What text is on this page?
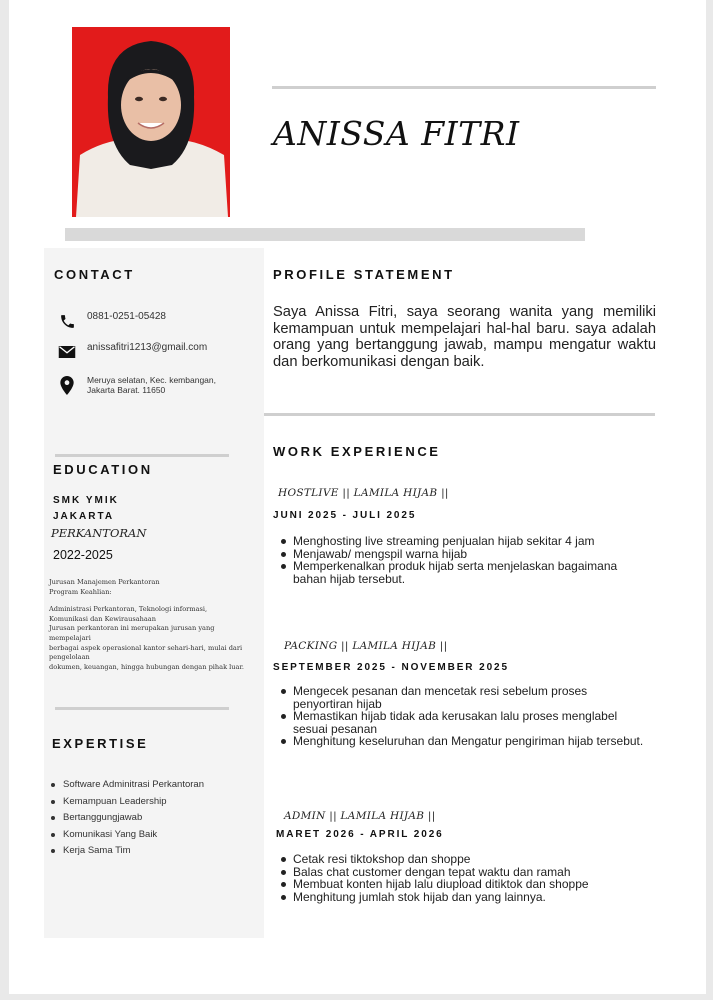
ANISSA FITRI
CONTACT
0881-0251-05428
anissafitri1213@gmail.com
Meruya selatan, Kec. kembangan, Jakarta Barat. 11650
EDUCATION
SMK YMIK
JAKARTA
PERKANTORAN
2022-2025
Jurusan Manajemen Perkantoran
Program Keahlian:
Administrasi Perkantoran, Teknologi informasi,
Komunikasi dan Kewirausahaan
Jurusan perkantoran ini merupakan jurusan yang
mempelajari
berbagai aspek operasional kantor sehari-hari, mulai dari
pengelolaan
dokumen, keuangan, hingga hubungan dengan pihak luar.
EXPERTISE
Software Adminitrasi Perkantoran
Kemampuan Leadership
Bertanggungjawab
Komunikasi Yang Baik
Kerja Sama Tim
PROFILE STATEMENT

Saya Anissa Fitri, saya seorang wanita yang memiliki kemampuan untuk mempelajari hal-hal baru. saya adalah orang yang bertanggung jawab, mampu mengatur waktu dan berkomunikasi dengan baik.

WORK EXPERIENCE
HOSTLIVE || LAMILA HIJAB ||
JUNI 2025 - JULI 2025
Menghosting live streaming penjualan hijab sekitar 4 jam
Menjawab/ mengspil warna hijab
Memperkenalkan produk hijab serta menjelaskan bagaimana bahan hijab tersebut.
PACKING || LAMILA HIJAB ||
SEPTEMBER 2025 - NOVEMBER 2025
Mengecek pesanan dan mencetak resi sebelum proses penyortiran hijab
Memastikan hijab tidak ada kerusakan lalu proses menglabel sesuai pesanan
Menghitung keseluruhan dan Mengatur pengiriman hijab tersebut.
ADMIN || LAMILA HIJAB ||
MARET 2026 - APRIL 2026
Cetak resi tiktokshop dan shoppe
Balas chat customer dengan tepat waktu dan ramah
Membuat konten hijab lalu diupload ditiktok dan shoppe
Menghitung jumlah stok hijab dan yang lainnya.
